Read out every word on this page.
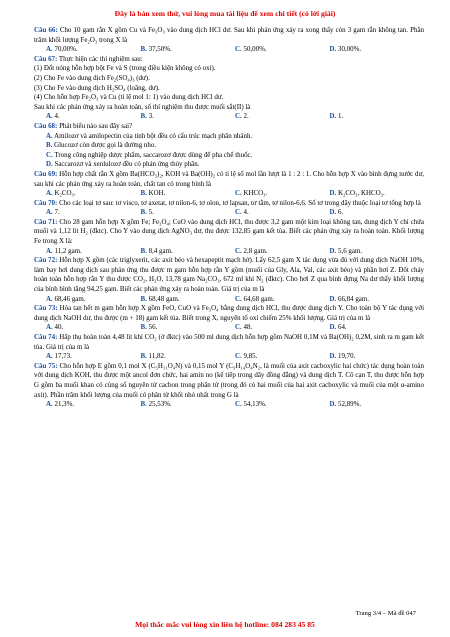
Đây là bản xem thử, vui lòng mua tài liệu để xem chi tiết (có lời giải)
Câu 66: Cho 10 gam rắn X gồm Cu và Fe₃O₃ vào dung dịch HCl dư. Sau khi phản ứng xảy ra xong thấy còn 3 gam rắn không tan. Phần trăm khối lượng Fe₂O₃ trong X là
A. 70,00%.	B. 37,50%.	C. 50,00%.	D. 30,00%.
Câu 67: Thực hiện các thí nghiệm sau:
(1) Đốt nóng hỗn hợp bột Fe và S (trong điều kiện không có oxi).
(2) Cho Fe vào dung dịch Fe₂(SO₄)₃ (dư).
(3) Cho Fe vào dung dịch H₂SO₄ (loãng, dư).
(4) Cho hỗn hợp Fe₂O₃ và Cu (tỉ lệ mol 1: 1) vào dung dịch HCl dư.
Sau khi các phản ứng xảy ra hoàn toàn, số thí nghiệm thu được muối sắt(II) là
A. 4.	B. 3.	C. 2.	D. 1.
Câu 68: Phát biểu nào sau đây sai?
A. Amilozơ và amilopectin của tinh bột đều có cấu trúc mạch phân nhánh.
B. Glucozơ còn được gọi là đường nho.
C. Trong công nghiệp dược phẩm, saccarozơ được dùng để pha chế thuốc.
D. Saccarozơ và xenlulozơ đều có phản ứng thủy phân.
Câu 69: Hỗn hợp chất rắn X gồm Ba(HCO₃)₂, KOH và Ba(OH)₂ có tỉ lệ số mol lần lượt là 1 : 2 : 1. Cho hỗn hợp X vào bình đựng nước dư, sau khi các phản ứng xảy ra hoàn toàn, chất tan có trong bình là
A. K₂CO₃.	B. KOH.	C. KHCO₃.	D. K₂CO₃, KHCO₃.
Câu 70: Cho các loại tơ sau: tơ visco, tơ axetat, tơ nilon-6, tơ olon, tơ lapsan, tơ tằm, tơ nilon-6,6. Số tơ trong dãy thuộc loại tơ tổng hợp là
A. 7.	B. 5.	C. 4.	D. 6.
Câu 71: Cho 28 gam hỗn hợp X gồm Fe; Fe₃O₄; CuO vào dung dịch HCl, thu được 3,2 gam một kim loại không tan, dung dịch Y chỉ chứa muối và 1,12 lít H₂ (đktc). Cho Y vào dung dịch AgNO₃ dư, thu được 132,85 gam kết tủa. Biết các phản ứng xảy ra hoàn toàn. Khối lượng Fe trong X là:
A. 11,2 gam.	B. 8,4 gam.	C. 2,8 gam.	D. 5,6 gam.
Câu 72: Hỗn hợp X gồm (các triglyxerit, các axit béo và hexapeptit mạch hở). Lấy 62,5 gam X tác dụng vừa đủ với dung dịch NaOH 10%, làm bay hơi dung dịch sau phản ứng thu được m gam hỗn hợp rắn Y gồm (muối của Gly, Ala, Val, các axit béo) và phần hơi Z. Đốt cháy hoàn toàn hỗn hợp rắn Y thu được CO₂, H₂O, 13,78 gam Na₂CO₃, 672 ml khí N₂ (đktc). Cho hơi Z qua bình đựng Na dư thấy khối lượng của bình bình tăng 94,25 gam. Biết các phản ứng xảy ra hoàn toàn. Giá trị của m là
A. 68,46 gam.	B. 68,48 gam.	C. 64,68 gam.	D. 66,84 gam.
Câu 73: Hòa tan hết m gam hỗn hợp X gồm FeO, CuO và Fe₃O₄ bằng dung dịch HCl, thu được dung dịch Y. Cho toàn bộ Y tác dụng với dung dịch NaOH dư, thu được (m + 18) gam kết tủa. Biết trong X, nguyên tố oxi chiếm 25% khối lượng. Giá trị của m là
A. 40.	B. 56.	C. 48.	D. 64.
Câu 74: Hấp thụ hoàn toàn 4,48 lít khí CO₂ (ở đktc) vào 500 ml dung dịch hỗn hợp gồm NaOH 0,1M và Ba(OH)₂ 0,2M, sinh ra m gam kết tủa. Giá trị của m là
A. 17,73.	B. 11,82.	C. 9,85.	D. 19,70.
Câu 75: Cho hỗn hợp E gồm 0,1 mol X (C₅H₁₁O₄N) và 0,15 mol Y (C₅H₁₄O₄N₂, là muối của axit cacboxylic hai chức) tác dụng hoàn toàn với dung dịch KOH, thu được một ancol đơn chức, hai amin no (kế tiếp trong dãy đồng đẳng) và dung dịch T. Cô cạn T, thu được hỗn hợp G gồm ba muối khan có cùng số nguyên tử cacbon trong phân tử (trong đó có hai muối của hai axit cacboxylic và muối của một α-amino axit). Phần trăm khối lượng của muối có phân tử khối nhỏ nhất trong G là
A. 21,3%.	B. 25,53%.	C. 54,13%.	D. 52,89%.
Trang 3/4 – Mã đề 047
Mọi thắc mắc vui lòng xin liên hệ hotline: 084 283 45 85
